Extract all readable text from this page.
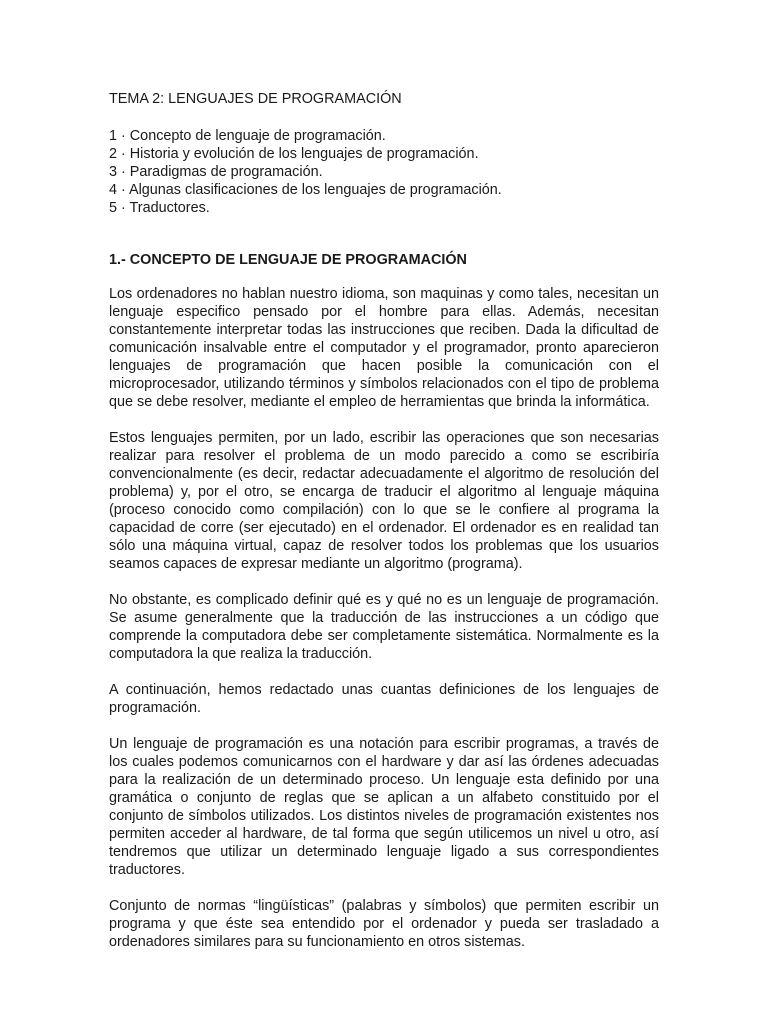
TEMA 2: LENGUAJES DE PROGRAMACIÓN
1 · Concepto de lenguaje de programación.
2 · Historia y evolución de los lenguajes de programación.
3 · Paradigmas de programación.
4 · Algunas clasificaciones de los lenguajes de programación.
5 · Traductores.
1.- CONCEPTO DE LENGUAJE DE PROGRAMACIÓN

Los ordenadores no hablan nuestro idioma, son maquinas y como tales, necesitan un lenguaje especifico pensado por el hombre para ellas. Además, necesitan constantemente interpretar todas las instrucciones que reciben. Dada la dificultad de comunicación insalvable entre el computador y el programador, pronto aparecieron lenguajes de programación que hacen posible la comunicación con el microprocesador, utilizando términos y símbolos relacionados con el tipo de problema que se debe resolver, mediante el empleo de herramientas que brinda la informática.

Estos lenguajes permiten, por un lado, escribir las operaciones que son necesarias realizar para resolver el problema de un modo parecido a como se escribiría convencionalmente (es decir, redactar adecuadamente el algoritmo de resolución del problema) y, por el otro, se encarga de traducir el algoritmo al lenguaje máquina (proceso conocido como compilación) con lo que se le confiere al programa la capacidad de corre (ser ejecutado) en el ordenador. El ordenador es en realidad tan sólo una máquina virtual, capaz de resolver todos los problemas que los usuarios seamos capaces de expresar mediante un algoritmo (programa).

No obstante, es complicado definir qué es y qué no es un lenguaje de programación. Se asume generalmente que la traducción de las instrucciones a un código que comprende la computadora debe ser completamente sistemática. Normalmente es la computadora la que realiza la traducción.

A continuación, hemos redactado unas cuantas definiciones de los lenguajes de programación.

Un lenguaje de programación es una notación para escribir programas, a través de los cuales podemos comunicarnos con el hardware y dar así las órdenes adecuadas para la realización de un determinado proceso. Un lenguaje esta definido por una gramática o conjunto de reglas que se aplican a un alfabeto constituido por el conjunto de símbolos utilizados. Los distintos niveles de programación existentes nos permiten acceder al hardware, de tal forma que según utilicemos un nivel u otro, así tendremos que utilizar un determinado lenguaje ligado a sus correspondientes traductores.

Conjunto de normas “lingüísticas” (palabras y símbolos) que permiten escribir un programa y que éste sea entendido por el ordenador y pueda ser trasladado a ordenadores similares para su funcionamiento en otros sistemas.
